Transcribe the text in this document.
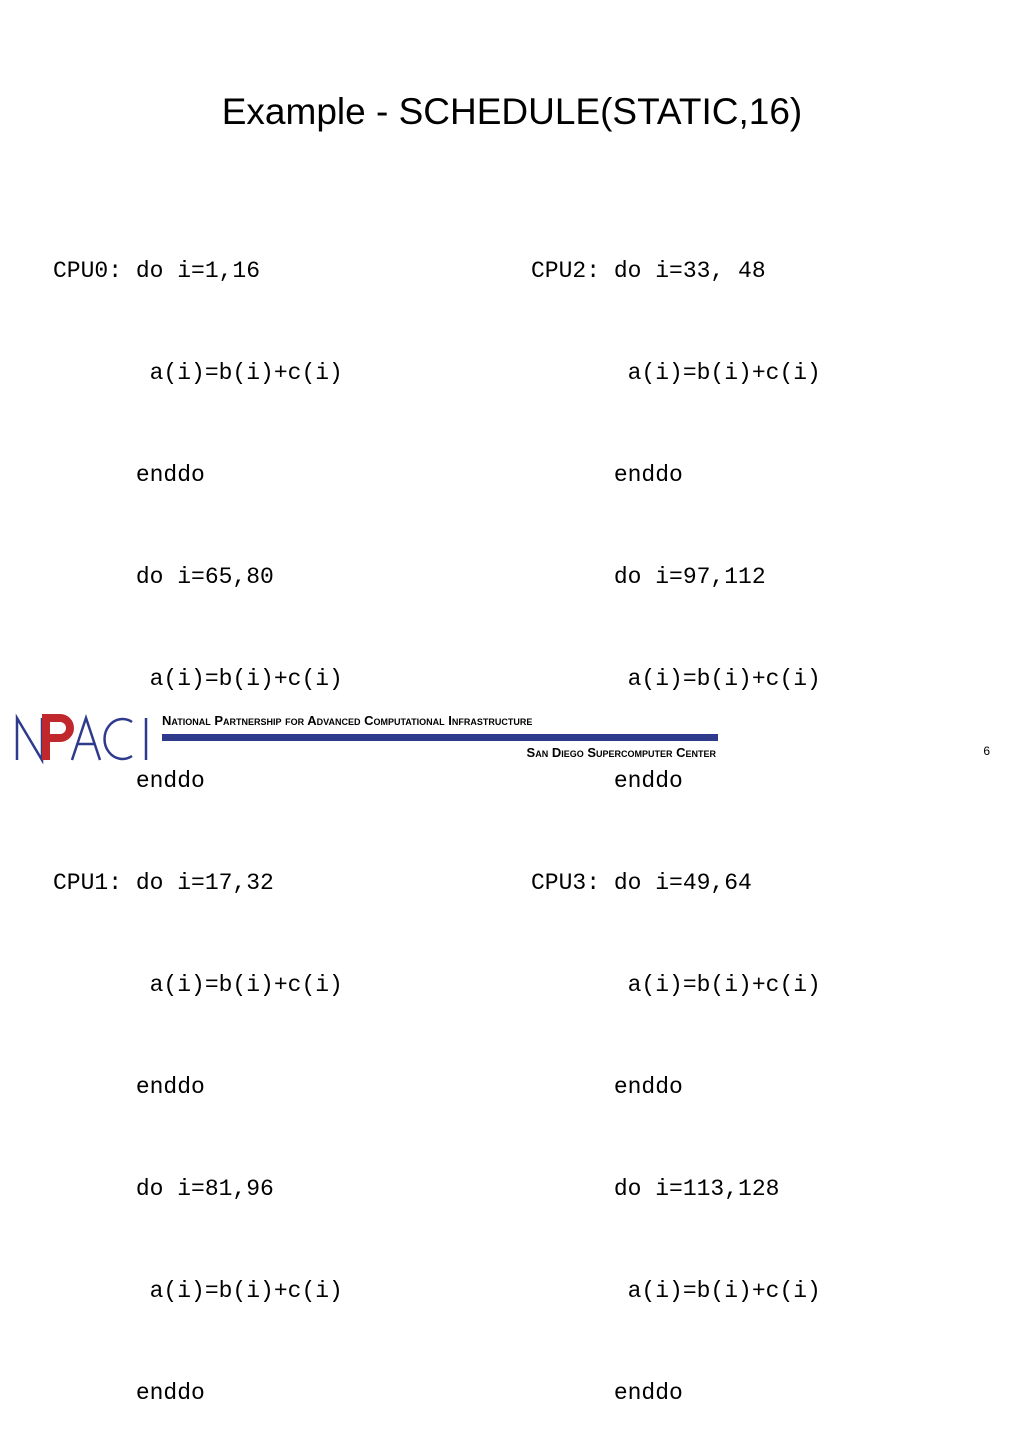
Example - SCHEDULE(STATIC,16)

CPU0: do i=1,16

a(i)=b(i)+c(i)

enddo

do i=65,80

a(i)=b(i)+c(i)

enddo

CPU1: do i=17,32

a(i)=b(i)+c(i)

enddo

do i=81,96

a(i)=b(i)+c(i)

enddo

CPU2: do i=33, 48

a(i)=b(i)+c(i)

enddo

do i=97,112

a(i)=b(i)+c(i)

enddo

CPU3: do i=49,64

a(i)=b(i)+c(i)

enddo

do i=113,128

a(i)=b(i)+c(i)

enddo

National Partnership for Advanced Computational Infrastructure
San Diego Supercomputer Center	6
